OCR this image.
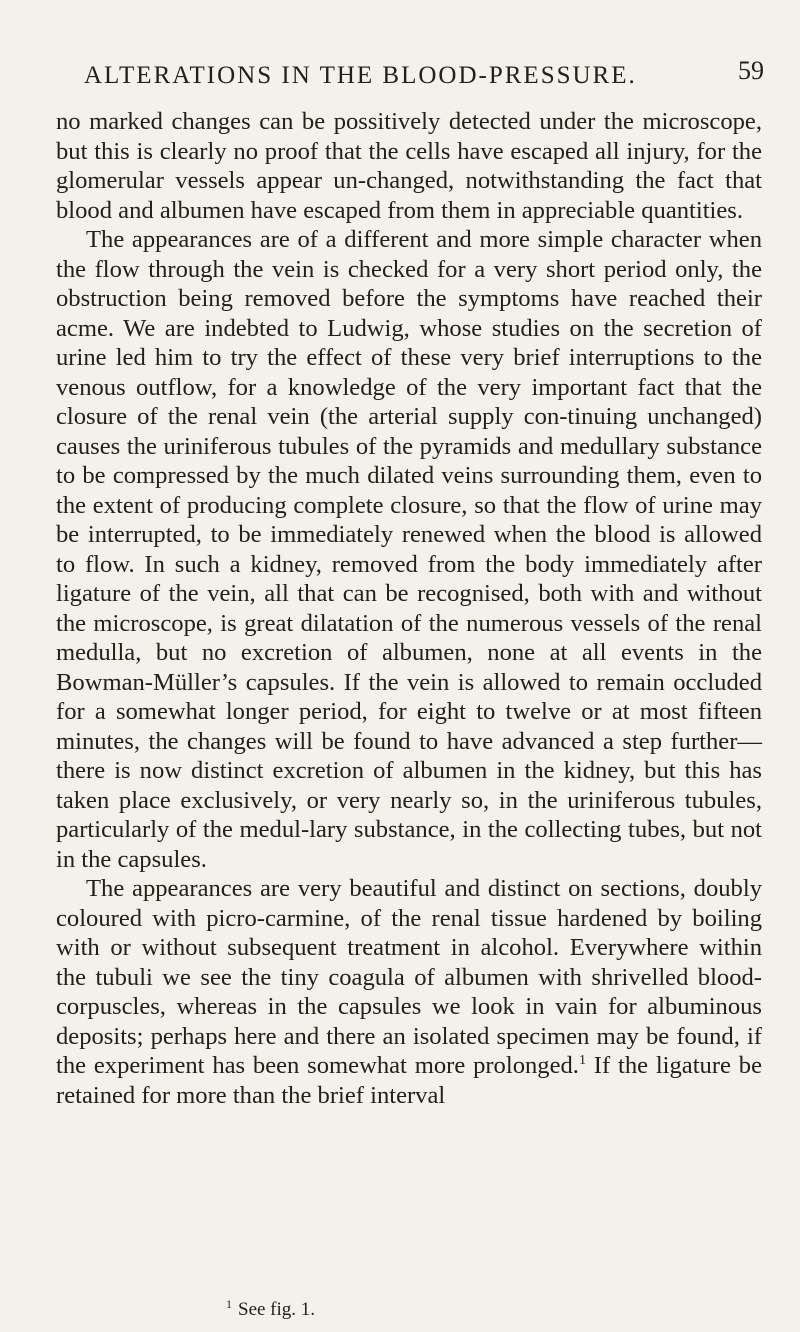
ALTERATIONS IN THE BLOOD-PRESSURE.	59

no marked changes can be possitively detected under the microscope, but this is clearly no proof that the cells have escaped all injury, for the glomerular vessels appear un-changed, notwithstanding the fact that blood and albumen have escaped from them in appreciable quantities.

The appearances are of a different and more simple character when the flow through the vein is checked for a very short period only, the obstruction being removed before the symptoms have reached their acme. We are indebted to Ludwig, whose studies on the secretion of urine led him to try the effect of these very brief interruptions to the venous outflow, for a knowledge of the very important fact that the closure of the renal vein (the arterial supply con-tinuing unchanged) causes the uriniferous tubules of the pyramids and medullary substance to be compressed by the much dilated veins surrounding them, even to the extent of producing complete closure, so that the flow of urine may be interrupted, to be immediately renewed when the blood is allowed to flow. In such a kidney, removed from the body immediately after ligature of the vein, all that can be recognised, both with and without the microscope, is great dilatation of the numerous vessels of the renal medulla, but no excretion of albumen, none at all events in the Bowman-Müller’s capsules. If the vein is allowed to remain occluded for a somewhat longer period, for eight to twelve or at most fifteen minutes, the changes will be found to have advanced a step further—there is now distinct excretion of albumen in the kidney, but this has taken place exclusively, or very nearly so, in the uriniferous tubules, particularly of the medul-lary substance, in the collecting tubes, but not in the capsules.

The appearances are very beautiful and distinct on sections, doubly coloured with picro-carmine, of the renal tissue hardened by boiling with or without subsequent treatment in alcohol. Everywhere within the tubuli we see the tiny coagula of albumen with shrivelled blood-corpuscles, whereas in the capsules we look in vain for albuminous deposits; perhaps here and there an isolated specimen may be found, if the experiment has been somewhat more prolonged.$^1$ If the ligature be retained for more than the brief interval

1 See fig. 1.
